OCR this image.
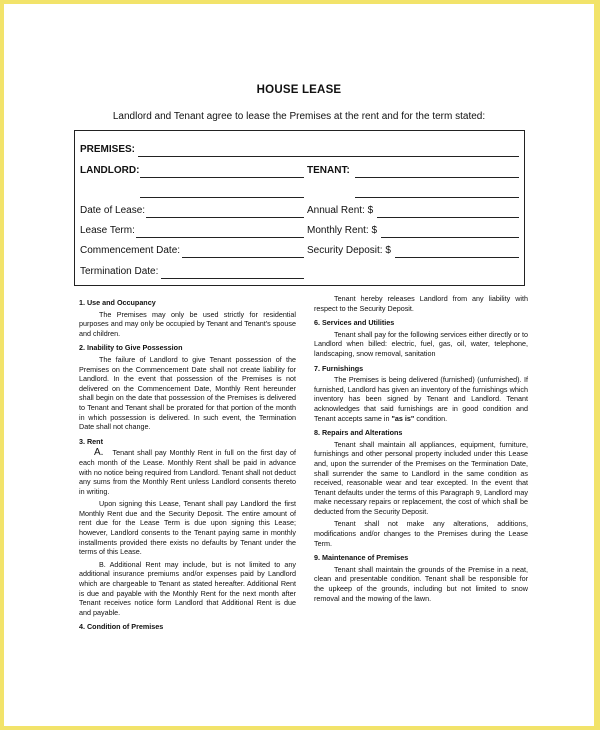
HOUSE LEASE
Landlord and Tenant agree to lease the Premises at the rent and for the term stated:
PREMISES:
LANDLORD:	TENANT:
Date of Lease:	Annual Rent: $
Lease Term:	Monthly Rent: $
Commencement Date:	Security Deposit: $
Termination Date:
1. Use and Occupancy

The Premises may only be used strictly for residential purposes and may only be occupied by Tenant and Tenant's spouse and children.

2. Inability to Give Possession

The failure of Landlord to give Tenant possession of the Premises on the Commencement Date shall not create liability for Landlord. In the event that possession of the Premises is not delivered on the Commencement Date, Monthly Rent hereunder shall begin on the date that possession of the Premises is delivered to Tenant and Tenant shall be prorated for that portion of the month in which possession is delivered. In such event, the Termination Date shall not change.

3. Rent

A. Tenant shall pay Monthly Rent in full on the first day of each month of the Lease. Monthly Rent shall be paid in advance with no notice being required from Landlord. Tenant shall not deduct any sums from the Monthly Rent unless Landlord consents thereto in writing.

Upon signing this Lease, Tenant shall pay Landlord the first Monthly Rent due and the Security Deposit. The entire amount of rent due for the Lease Term is due upon signing this Lease; however, Landlord consents to the Tenant paying same in monthly installments provided there exists no defaults by Tenant under the terms of this Lease.

B. Additional Rent may include, but is not limited to any additional insurance premiums and/or expenses paid by Landlord which are chargeable to Tenant as stated hereafter. Additional Rent is due and payable with the Monthly Rent for the next month after Tenant receives notice form Landlord that Additional Rent is due and payable.

4. Condition of Premises

Tenant hereby releases Landlord from any liability with respect to the Security Deposit.

6. Services and Utilities

Tenant shall pay for the following services either directly or to Landlord when billed: electric, fuel, gas, oil, water, telephone, landscaping, snow removal, sanitation

7. Furnishings

The Premises is being delivered (furnished) (unfurnished). If furnished, Landlord has given an inventory of the furnishings which inventory has been signed by Tenant and Landlord. Tenant acknowledges that said furnishings are in good condition and Tenant accepts same in "as is" condition.

8. Repairs and Alterations

Tenant shall maintain all appliances, equipment, furniture, furnishings and other personal property included under this Lease and, upon the surrender of the Premises on the Termination Date, shall surrender the same to Landlord in the same condition as received, reasonable wear and tear excepted. In the event that Tenant defaults under the terms of this Paragraph 9, Landlord may make necessary repairs or replacement, the cost of which shall be deducted from the Security Deposit.

Tenant shall not make any alterations, additions, modifications and/or changes to the Premises during the Lease Term.

9. Maintenance of Premises

Tenant shall maintain the grounds of the Premise in a neat, clean and presentable condition. Tenant shall be responsible for the upkeep of the grounds, including but not limited to snow removal and the mowing of the lawn.
